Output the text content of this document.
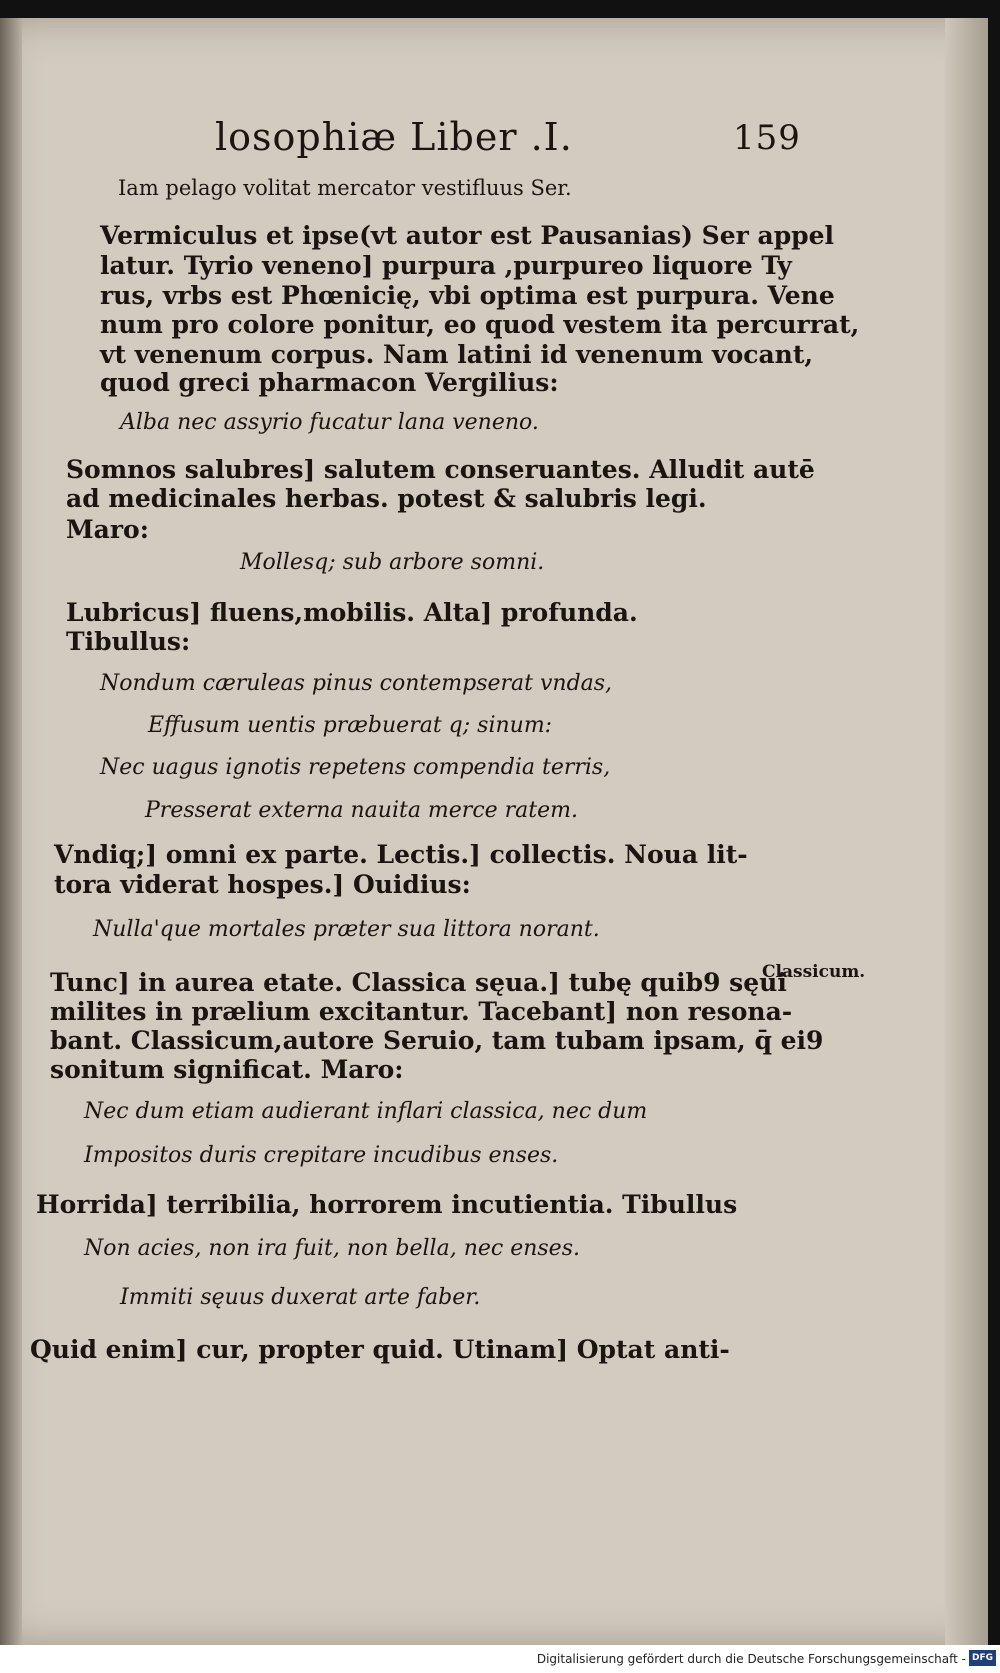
losophiæ Liber .I.	159
Iam pelago volitat mercator vestifluus Ser.
Vermiculus et ipse(vt autor est Pausanias) Ser appel
latur. Tyrio veneno] purpura ,purpureo liquore Ty
rus, vrbs est Phœnicię, vbi optima est purpura. Vene
num pro colore ponitur, eo quod vestem ita percurrat,
vt venenum corpus. Nam latini id venenum vocant,
quod greci pharmacon Vergilius:
Alba nec assyrio fucatur lana veneno.
Somnos salubres] salutem conseruantes. Alludit autē
ad medicinales herbas. potest & salubris legi.
Maro:
Mollesq; sub arbore somni.
Lubricus] fluens,mobilis. Alta] profunda.
Tibullus:
Nondum cæruleas pinus contempserat vndas,
Effusum uentis præbuerat q; sinum:
Nec uagus ignotis repetens compendia terris,
Presserat externa nauita merce ratem.
Vndiq;] omni ex parte. Lectis.] collectis. Noua lit-
tora viderat hospes.] Ouidius:
Nulla'que mortales præter sua littora norant.
Tunc] in aurea etate. Classica sęua.] tubę quib9 sęui
milites in prælium excitantur. Tacebant] non resona-
bant. Classicum,autore Seruio, tam tubam ipsam, q̄ ei9
sonitum significat. Maro:
Classicum.
Nec dum etiam audierant inflari classica, nec dum
Impositos duris crepitare incudibus enses.
Horrida] terribilia, horrorem incutientia. Tibullus
Non acies, non ira fuit, non bella, nec enses.
Immiti sęuus duxerat arte faber.
Quid enim] cur, propter quid. Utinam] Optat anti-
Digitalisierung gefördert durch die Deutsche Forschungsgemeinschaft - DFG
